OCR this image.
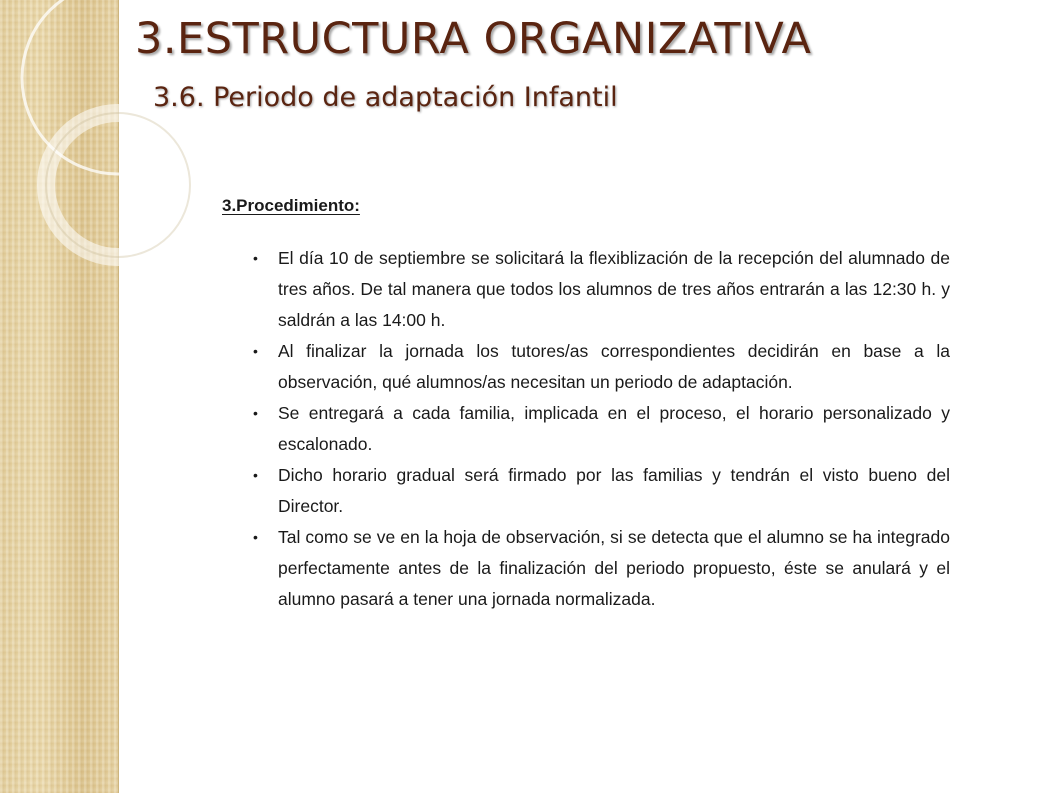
3.ESTRUCTURA ORGANIZATIVA
3.6. Periodo de adaptación Infantil
3.Procedimiento:
• El día 10 de septiembre se solicitará la flexiblización de la recepción del alumnado de tres años. De tal manera que todos los alumnos de tres años entrarán a las 12:30 h. y saldrán a las 14:00 h.
• Al finalizar la jornada los tutores/as correspondientes decidirán en base a la observación, qué alumnos/as necesitan un periodo de adaptación.
• Se entregará a cada familia, implicada en el proceso, el horario personalizado y escalonado.
• Dicho horario gradual será firmado por las familias y tendrán el visto bueno del Director.
• Tal como se ve en la hoja de observación, si se detecta que el alumno se ha integrado perfectamente antes de la finalización del periodo propuesto, éste se anulará y el alumno pasará a tener una jornada normalizada.
